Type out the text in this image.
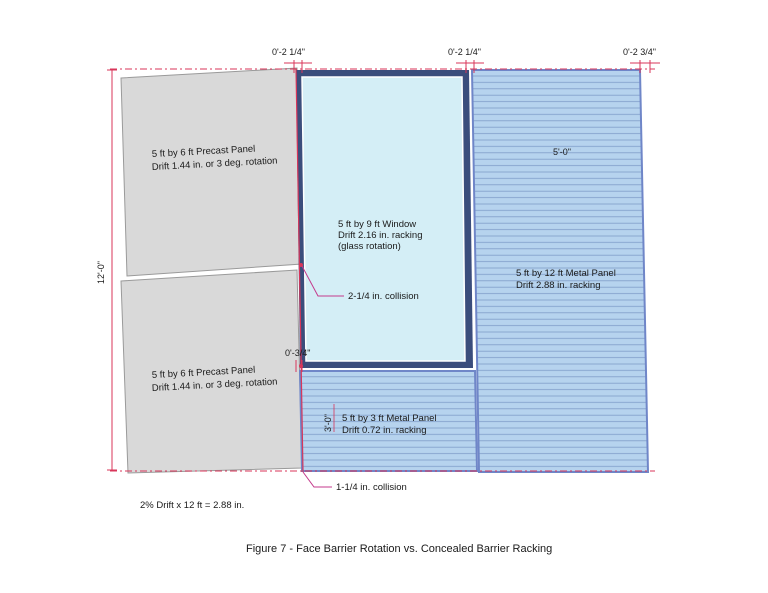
0'-2 1/4"	0'-2 1/4"	0'-2 3/4"
0'-3/4"
12'-0"
5'-0"
3'-0"
5 ft by 6 ft Precast Panel
Drift 1.44 in. or 3 deg. rotation
5 ft by 6 ft Precast Panel
Drift 1.44 in. or 3 deg. rotation
5 ft by 9 ft Window
Drift 2.16 in. racking
(glass rotation)
5 ft by 12 ft Metal Panel
Drift 2.88 in. racking
5 ft by 3 ft Metal Panel
Drift 0.72 in. racking
2-1/4 in. collision
1-1/4 in. collision
2% Drift x 12 ft = 2.88 in.
Figure 7 - Face Barrier Rotation vs. Concealed Barrier Racking
